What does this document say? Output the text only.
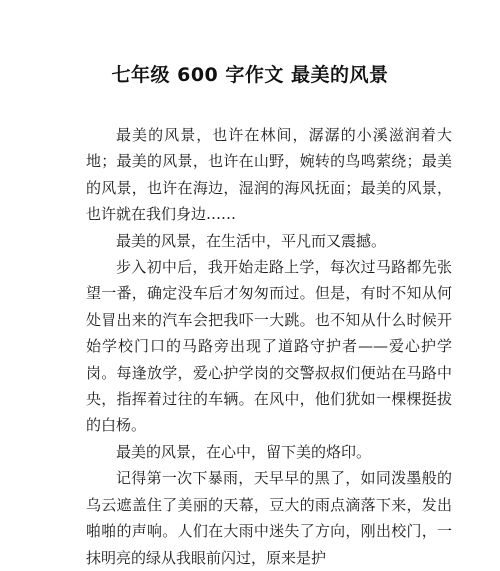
七年级 600 字作文 最美的风景

最美的风景，也许在林间，潺潺的小溪滋润着大地；最美的风景，也许在山野，婉转的鸟鸣萦绕；最美的风景，也许在海边，湿润的海风抚面；最美的风景，也许就在我们身边……

最美的风景，在生活中，平凡而又震撼。

步入初中后，我开始走路上学，每次过马路都先张望一番，确定没车后才匆匆而过。但是，有时不知从何处冒出来的汽车会把我吓一大跳。也不知从什么时候开始学校门口的马路旁出现了道路守护者——爱心护学岗。每逢放学，爱心护学岗的交警叔叔们便站在马路中央，指挥着过往的车辆。在风中，他们犹如一棵棵挺拔的白杨。

最美的风景，在心中，留下美的烙印。

记得第一次下暴雨，天早早的黑了，如同泼墨般的乌云遮盖住了美丽的天幕，豆大的雨点滴落下来，发出啪啪的声响。人们在大雨中迷失了方向，刚出校门，一抹明亮的绿从我眼前闪过，原来是护
